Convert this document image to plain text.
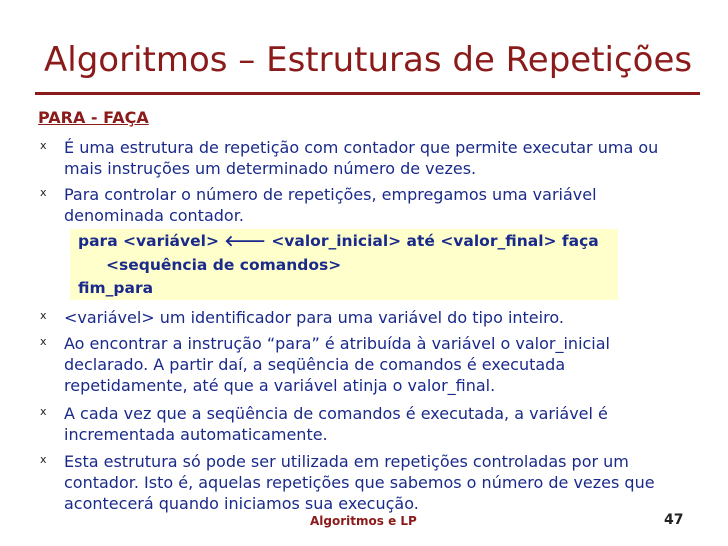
Algoritmos – Estruturas de Repetições
PARA - FAÇA
x É uma estrutura de repetição com contador que permite executar uma ou
mais instruções um determinado número de vezes.
x Para controlar o número de repetições, empregamos uma variável
denominada contador.
para <variável> 🡐 <valor_inicial> até <valor_final> faça
<sequência de comandos>
fim_para
x <variável> um identificador para uma variável do tipo inteiro.
x Ao encontrar a instrução “para” é atribuída à variável o valor_inicial
declarado. A partir daí, a seqüência de comandos é executada
repetidamente, até que a variável atinja o valor_final.
x A cada vez que a seqüência de comandos é executada, a variável é
incrementada automaticamente.
x Esta estrutura só pode ser utilizada em repetições controladas por um
contador. Isto é, aquelas repetições que sabemos o número de vezes que
acontecerá quando iniciamos sua execução.
Algoritmos e LP	47
